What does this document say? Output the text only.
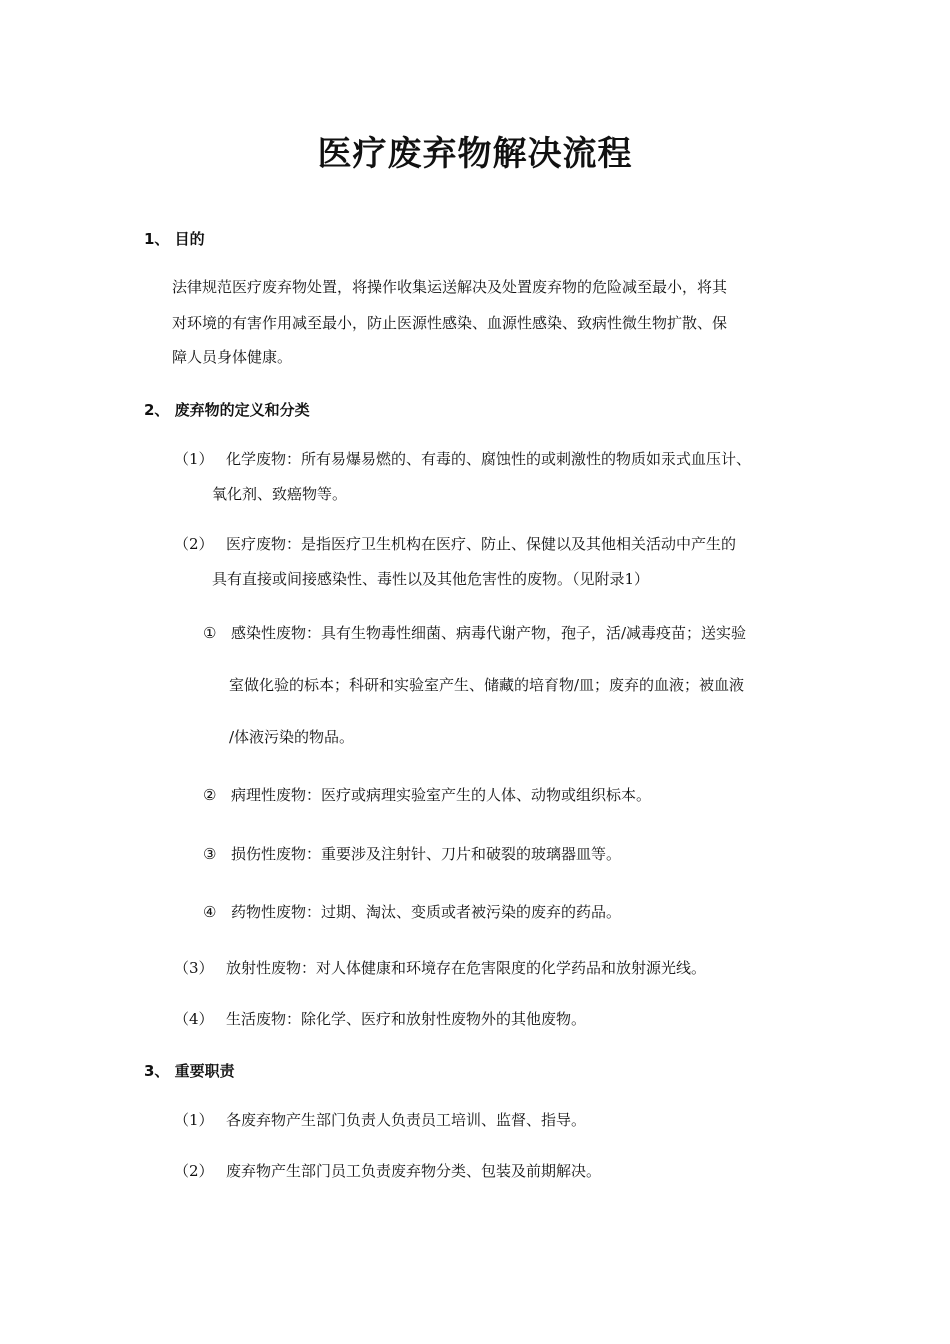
医疗废弃物解决流程
1、 目的
法律规范医疗废弃物处置，将操作收集运送解决及处置废弃物的危险减至最小，将其
对环境的有害作用减至最小，防止医源性感染、血源性感染、致病性微生物扩散、保
障人员身体健康。
2、 废弃物的定义和分类
（1） 化学废物：所有易爆易燃的、有毒的、腐蚀性的或刺激性的物质如汞式血压计、
氧化剂、致癌物等。
（2） 医疗废物：是指医疗卫生机构在医疗、防止、保健以及其他相关活动中产生的
具有直接或间接感染性、毒性以及其他危害性的废物。（见附录1）
① 感染性废物：具有生物毒性细菌、病毒代谢产物，孢子，活/减毒疫苗；送实验
室做化验的标本；科研和实验室产生、储藏的培育物/皿；废弃的血液；被血液
/体液污染的物品。
② 病理性废物：医疗或病理实验室产生的人体、动物或组织标本。
③ 损伤性废物：重要涉及注射针、刀片和破裂的玻璃器皿等。
④ 药物性废物：过期、淘汰、变质或者被污染的废弃的药品。
（3） 放射性废物：对人体健康和环境存在危害限度的化学药品和放射源光线。
（4） 生活废物：除化学、医疗和放射性废物外的其他废物。
3、 重要职责
（1） 各废弃物产生部门负责人负责员工培训、监督、指导。
（2） 废弃物产生部门员工负责废弃物分类、包装及前期解决。
